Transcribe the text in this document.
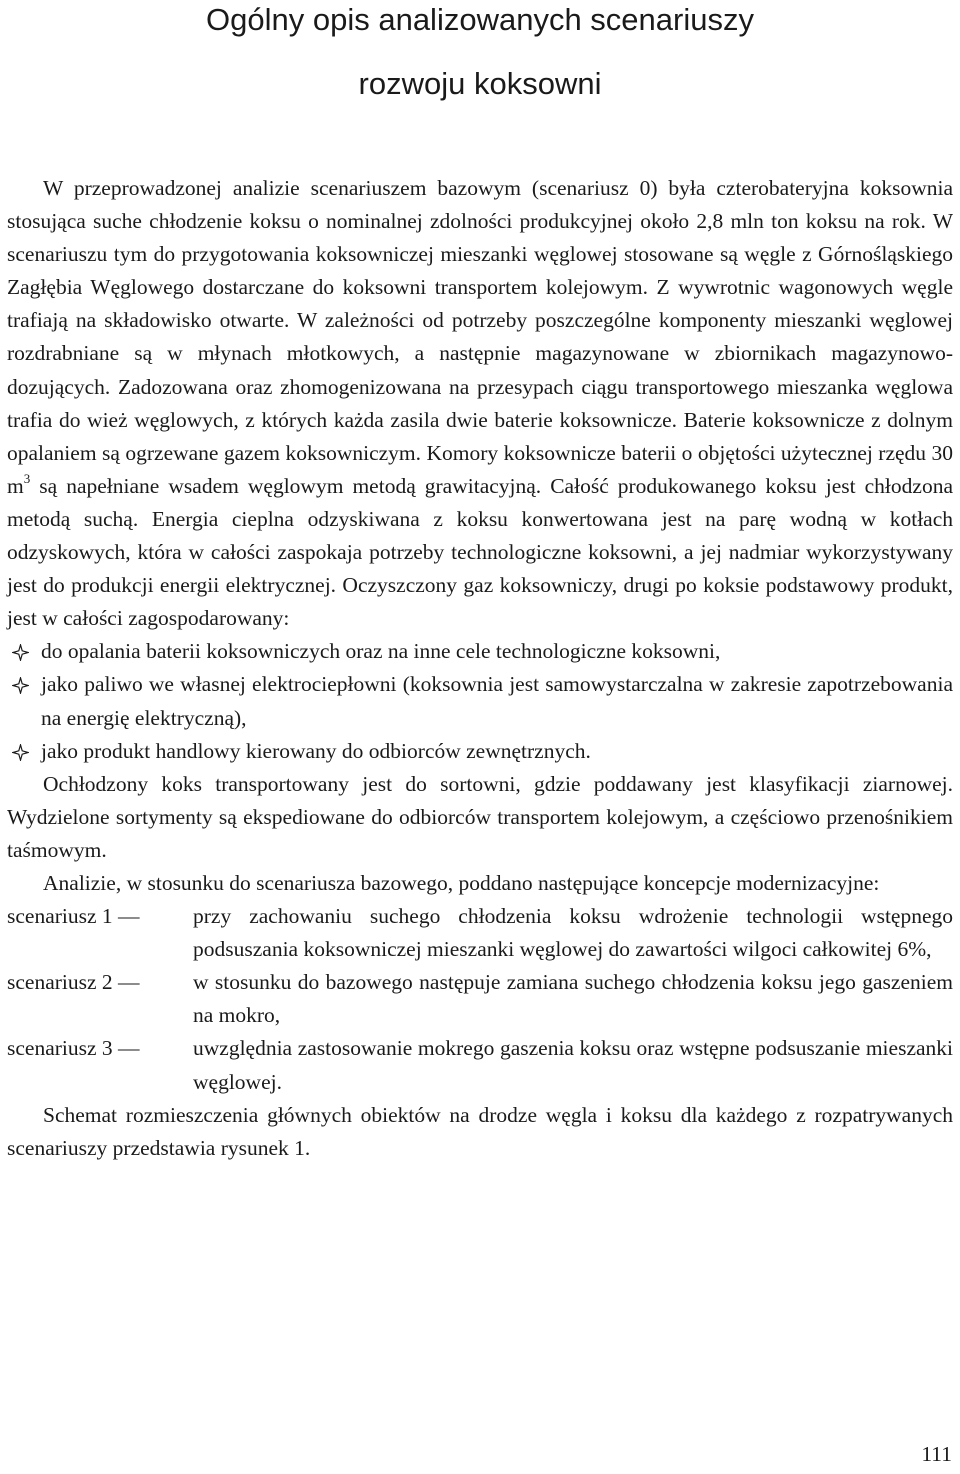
Ogólny opis analizowanych scenariuszy
rozwoju koksowni

W przeprowadzonej analizie scenariuszem bazowym (scenariusz 0) była czterobateryjna koksownia stosująca suche chłodzenie koksu o nominalnej zdolności produkcyjnej około 2,8 mln ton koksu na rok. W scenariuszu tym do przygotowania koksowniczej mieszanki węglowej stosowane są węgle z Górnośląskiego Zagłębia Węglowego dostarczane do koksowni transportem kolejowym. Z wywrotnic wagonowych węgle trafiają na składowisko otwarte. W zależności od potrzeby poszczególne komponenty mieszanki węglowej rozdrabniane są w młynach młotkowych, a następnie magazynowane w zbiornikach magazynowo-dozujących. Zadozowana oraz zhomogenizowana na przesypach ciągu transportowego mieszanka węglowa trafia do wież węglowych, z których każda zasila dwie baterie koksownicze. Baterie koksownicze z dolnym opalaniem są ogrzewane gazem koksowniczym. Komory koksownicze baterii o objętości użytecznej rzędu 30 $m^3$ są napełniane wsadem węglowym metodą grawitacyjną. Całość produkowanego koksu jest chłodzona metodą suchą. Energia cieplna odzyskiwana z koksu konwertowana jest na parę wodną w kotłach odzyskowych, która w całości zaspokaja potrzeby technologiczne koksowni, a jej nadmiar wykorzystywany jest do produkcji energii elektrycznej. Oczyszczony gaz koksowniczy, drugi po koksie podstawowy produkt, jest w całości zagospodarowany:

do opalania baterii koksowniczych oraz na inne cele technologiczne koksowni,
jako paliwo we własnej elektrociepłowni (koksownia jest samowystarczalna w zakresie zapotrzebowania na energię elektryczną),
jako produkt handlowy kierowany do odbiorców zewnętrznych.

Ochłodzony koks transportowany jest do sortowni, gdzie poddawany jest klasyfikacji ziarnowej. Wydzielone sortymenty są ekspediowane do odbiorców transportem kolejowym, a częściowo przenośnikiem taśmowym.

Analizie, w stosunku do scenariusza bazowego, poddano następujące koncepcje modernizacyjne:

scenariusz 1 —	przy zachowaniu suchego chłodzenia koksu wdrożenie technologii wstępnego podsuszania koksowniczej mieszanki węglowej do zawartości wilgoci całkowitej 6%,
scenariusz 2 —	w stosunku do bazowego następuje zamiana suchego chłodzenia koksu jego gaszeniem na mokro,
scenariusz 3 —	uwzględnia zastosowanie mokrego gaszenia koksu oraz wstępne podsuszanie mieszanki węglowej.

Schemat rozmieszczenia głównych obiektów na drodze węgla i koksu dla każdego z rozpatrywanych scenariuszy przedstawia rysunek 1.

111
